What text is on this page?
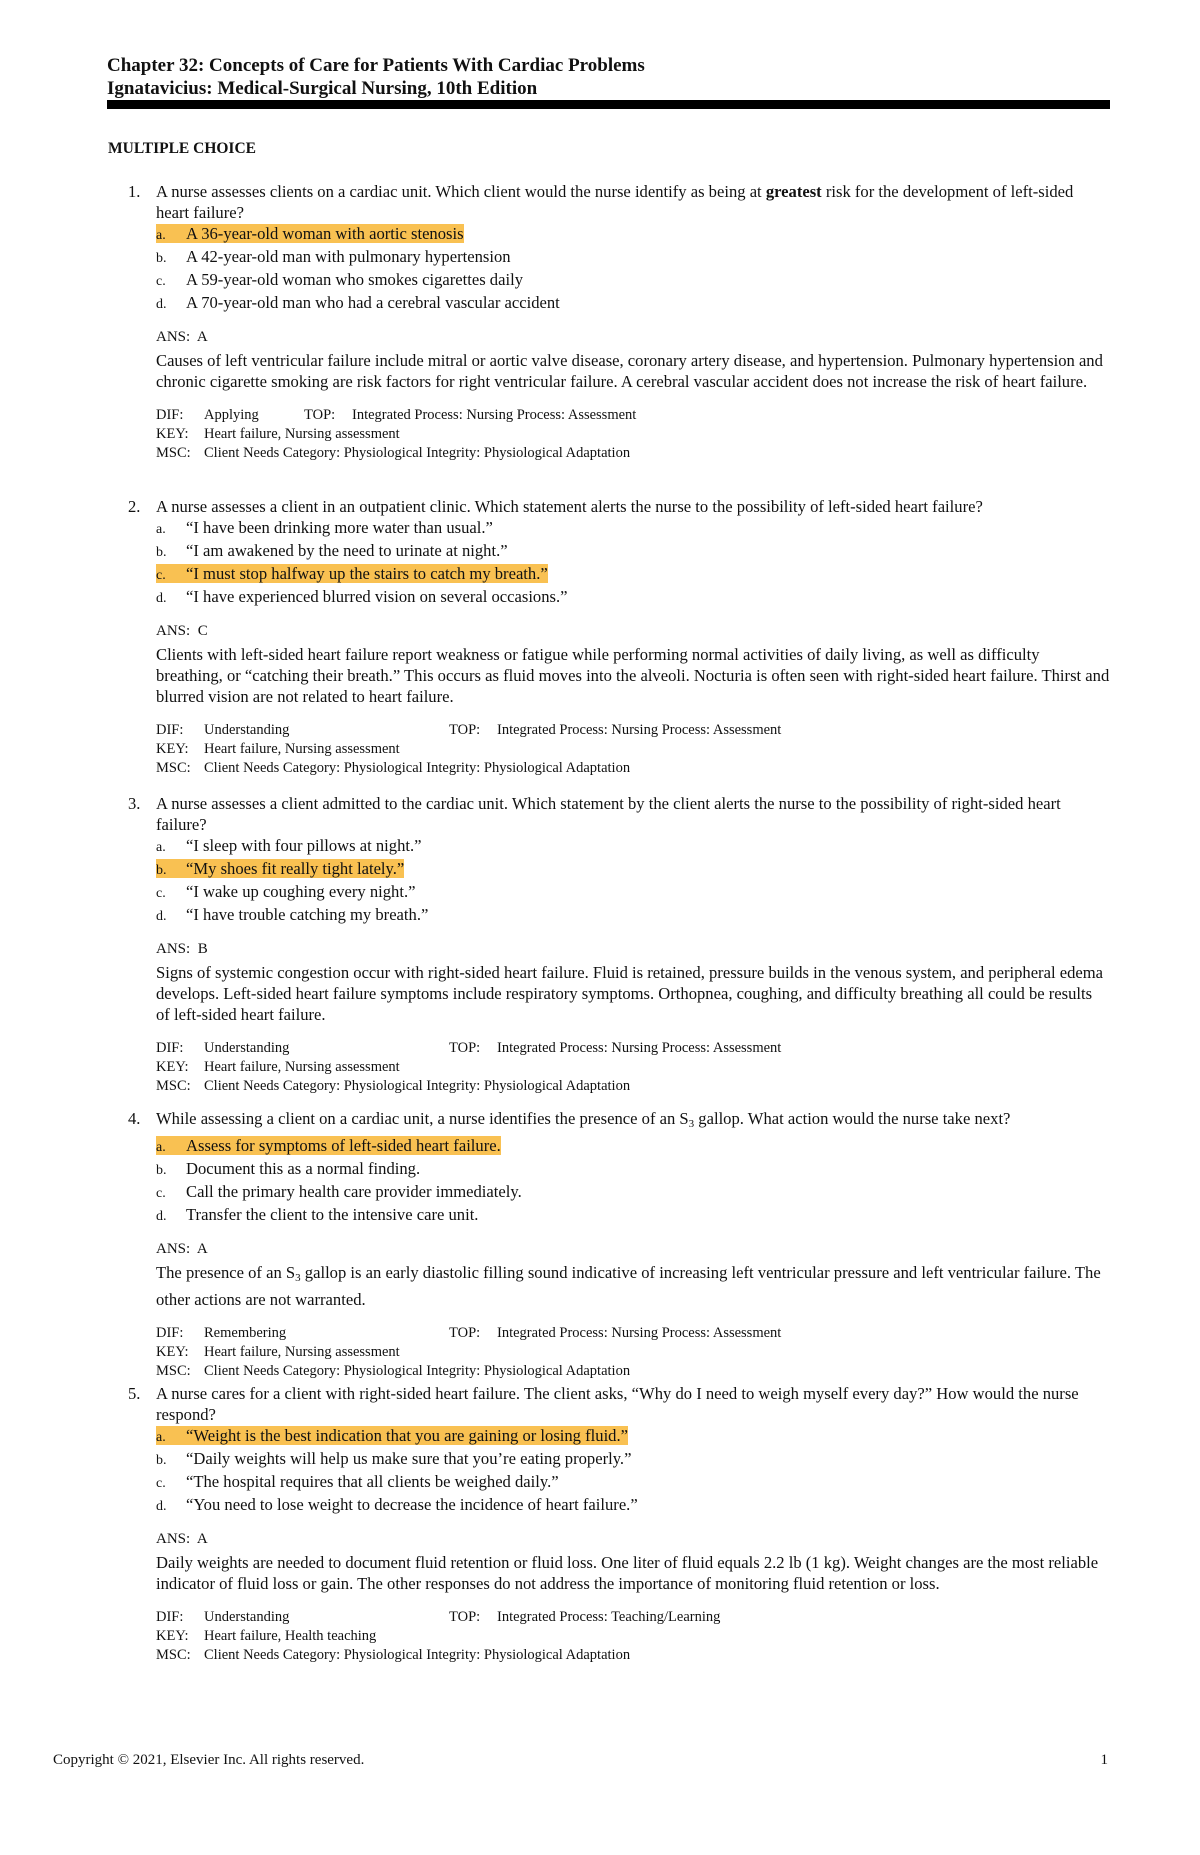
Chapter 32: Concepts of Care for Patients With Cardiac Problems
Ignatavicius: Medical-Surgical Nursing, 10th Edition
MULTIPLE CHOICE
1. A nurse assesses clients on a cardiac unit. Which client would the nurse identify as being at greatest risk for the development of left-sided heart failure?

a. A 36-year-old woman with aortic stenosis

b. A 42-year-old man with pulmonary hypertension

c. A 59-year-old woman who smokes cigarettes daily

d. A 70-year-old man who had a cerebral vascular accident

ANS: A

Causes of left ventricular failure include mitral or aortic valve disease, coronary artery disease, and hypertension. Pulmonary hypertension and chronic cigarette smoking are risk factors for right ventricular failure. A cerebral vascular accident does not increase the risk of heart failure.

DIF: Applying	TOP: Integrated Process: Nursing Process: Assessment
KEY: Heart failure, Nursing assessment
MSC: Client Needs Category: Physiological Integrity: Physiological Adaptation
2. A nurse assesses a client in an outpatient clinic. Which statement alerts the nurse to the possibility of left-sided heart failure?

a. “I have been drinking more water than usual.”

b. “I am awakened by the need to urinate at night.”

c. “I must stop halfway up the stairs to catch my breath.”

d. “I have experienced blurred vision on several occasions.”

ANS: C

Clients with left-sided heart failure report weakness or fatigue while performing normal activities of daily living, as well as difficulty breathing, or “catching their breath.” This occurs as fluid moves into the alveoli. Nocturia is often seen with right-sided heart failure. Thirst and blurred vision are not related to heart failure.

DIF: Understanding	TOP: Integrated Process: Nursing Process: Assessment
KEY: Heart failure, Nursing assessment
MSC: Client Needs Category: Physiological Integrity: Physiological Adaptation
3. A nurse assesses a client admitted to the cardiac unit. Which statement by the client alerts the nurse to the possibility of right-sided heart failure?

a. “I sleep with four pillows at night.”

b. “My shoes fit really tight lately.”

c. “I wake up coughing every night.”

d. “I have trouble catching my breath.”

ANS: B

Signs of systemic congestion occur with right-sided heart failure. Fluid is retained, pressure builds in the venous system, and peripheral edema develops. Left-sided heart failure symptoms include respiratory symptoms. Orthopnea, coughing, and difficulty breathing all could be results of left-sided heart failure.

DIF: Understanding	TOP: Integrated Process: Nursing Process: Assessment
KEY: Heart failure, Nursing assessment
MSC: Client Needs Category: Physiological Integrity: Physiological Adaptation
4. While assessing a client on a cardiac unit, a nurse identifies the presence of an $S_3$ gallop. What action would the nurse take next?

a. Assess for symptoms of left-sided heart failure.

b. Document this as a normal finding.

c. Call the primary health care provider immediately.

d. Transfer the client to the intensive care unit.

ANS: A

The presence of an $S_3$ gallop is an early diastolic filling sound indicative of increasing left ventricular pressure and left ventricular failure. The other actions are not warranted.

DIF: Remembering	TOP: Integrated Process: Nursing Process: Assessment
KEY: Heart failure, Nursing assessment
MSC: Client Needs Category: Physiological Integrity: Physiological Adaptation
5. A nurse cares for a client with right-sided heart failure. The client asks, “Why do I need to weigh myself every day?” How would the nurse respond?

a. “Weight is the best indication that you are gaining or losing fluid.”

b. “Daily weights will help us make sure that you’re eating properly.”

c. “The hospital requires that all clients be weighed daily.”

d. “You need to lose weight to decrease the incidence of heart failure.”

ANS: A

Daily weights are needed to document fluid retention or fluid loss. One liter of fluid equals 2.2 lb (1 kg). Weight changes are the most reliable indicator of fluid loss or gain. The other responses do not address the importance of monitoring fluid retention or loss.

DIF: Understanding	TOP: Integrated Process: Teaching/Learning
KEY: Heart failure, Health teaching
MSC: Client Needs Category: Physiological Integrity: Physiological Adaptation
Copyright © 2021, Elsevier Inc. All rights reserved.	1
